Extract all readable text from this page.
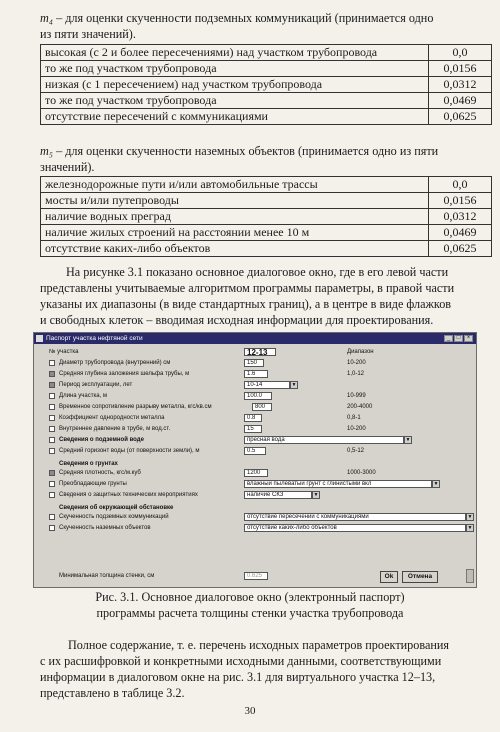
m₄ – для оценки скученности подземных коммуникаций (принимается одно
из пяти значений).
высокая (с 2 и более пересечениями) над участком трубопровода	0,0
то же под участком трубопровода	0,0156
низкая (с 1 пересечением) над участком трубопровода	0,0312
то же под участком трубопровода	0,0469
отсутствие пересечений с коммуникациями	0,0625
m₅ – для оценки скученности наземных объектов (принимается одно из пяти
значений).
железнодорожные пути и/или автомобильные трассы	0,0
мосты и/или путепроводы	0,0156
наличие водных преград	0,0312
наличие жилых строений на расстоянии менее 10 м	0,0469
отсутствие каких-либо объектов	0,0625
На рисунке 3.1 показано основное диалоговое окно, где в его левой части
представлены учитываемые алгоритмом программы параметры, в правой части
указаны их диапазоны (в виде стандартных границ), а в центре в виде флажков
и свободных клеток – вводимая исходная информации для проектирования.
Паспорт участка нефтяной сети	_	□	×
№ участка	12-13	Диапазон
Диаметр трубопровода (внутренний) см	150	10-200
Средняя глубина заложения шельфа трубы, м	1.6	1,0-12
Период эксплуатации, лет	10-14	▼
Длина участка, м	100.0	10-999
Временное сопротивление разрыву металла, кгс/кв.см	800	200-4000
Коэффициент однородности металла	0.8	0,8-1
Внутреннее давление в трубе, м вод.ст.	15	10-200
Сведения о подземной воде	пресная вода	▼
Средний горизонт воды (от поверхности земли), м	0.5	0,5-12
Сведения о грунтах
Средняя плотность, кгс/м.куб	1200	1000-3000
Преобладающие грунты	влажный пылеватый грунт с глинистыми вкл	▼
Сведения о защитных технических мероприятиях	наличие СКЗ	▼
Сведения об окружающей обстановке
Скученность подземных коммуникаций	отсутствие пересечений с коммуникациями	▼
Скученность наземных объектов	отсутствие каких-либо объектов	▼
Минимальная толщина стенки, см	0.625	Ok	Отмена
Рис. 3.1. Основное диалоговое окно (электронный паспорт)
программы расчета толщины стенки участка трубопровода
Полное содержание, т. е. перечень исходных параметров проектирования
с их расшифровкой и конкретными исходными данными, соответствующими
информации в диалоговом окне на рис. 3.1 для виртуального участка 12–13,
представлено в таблице 3.2.
30
